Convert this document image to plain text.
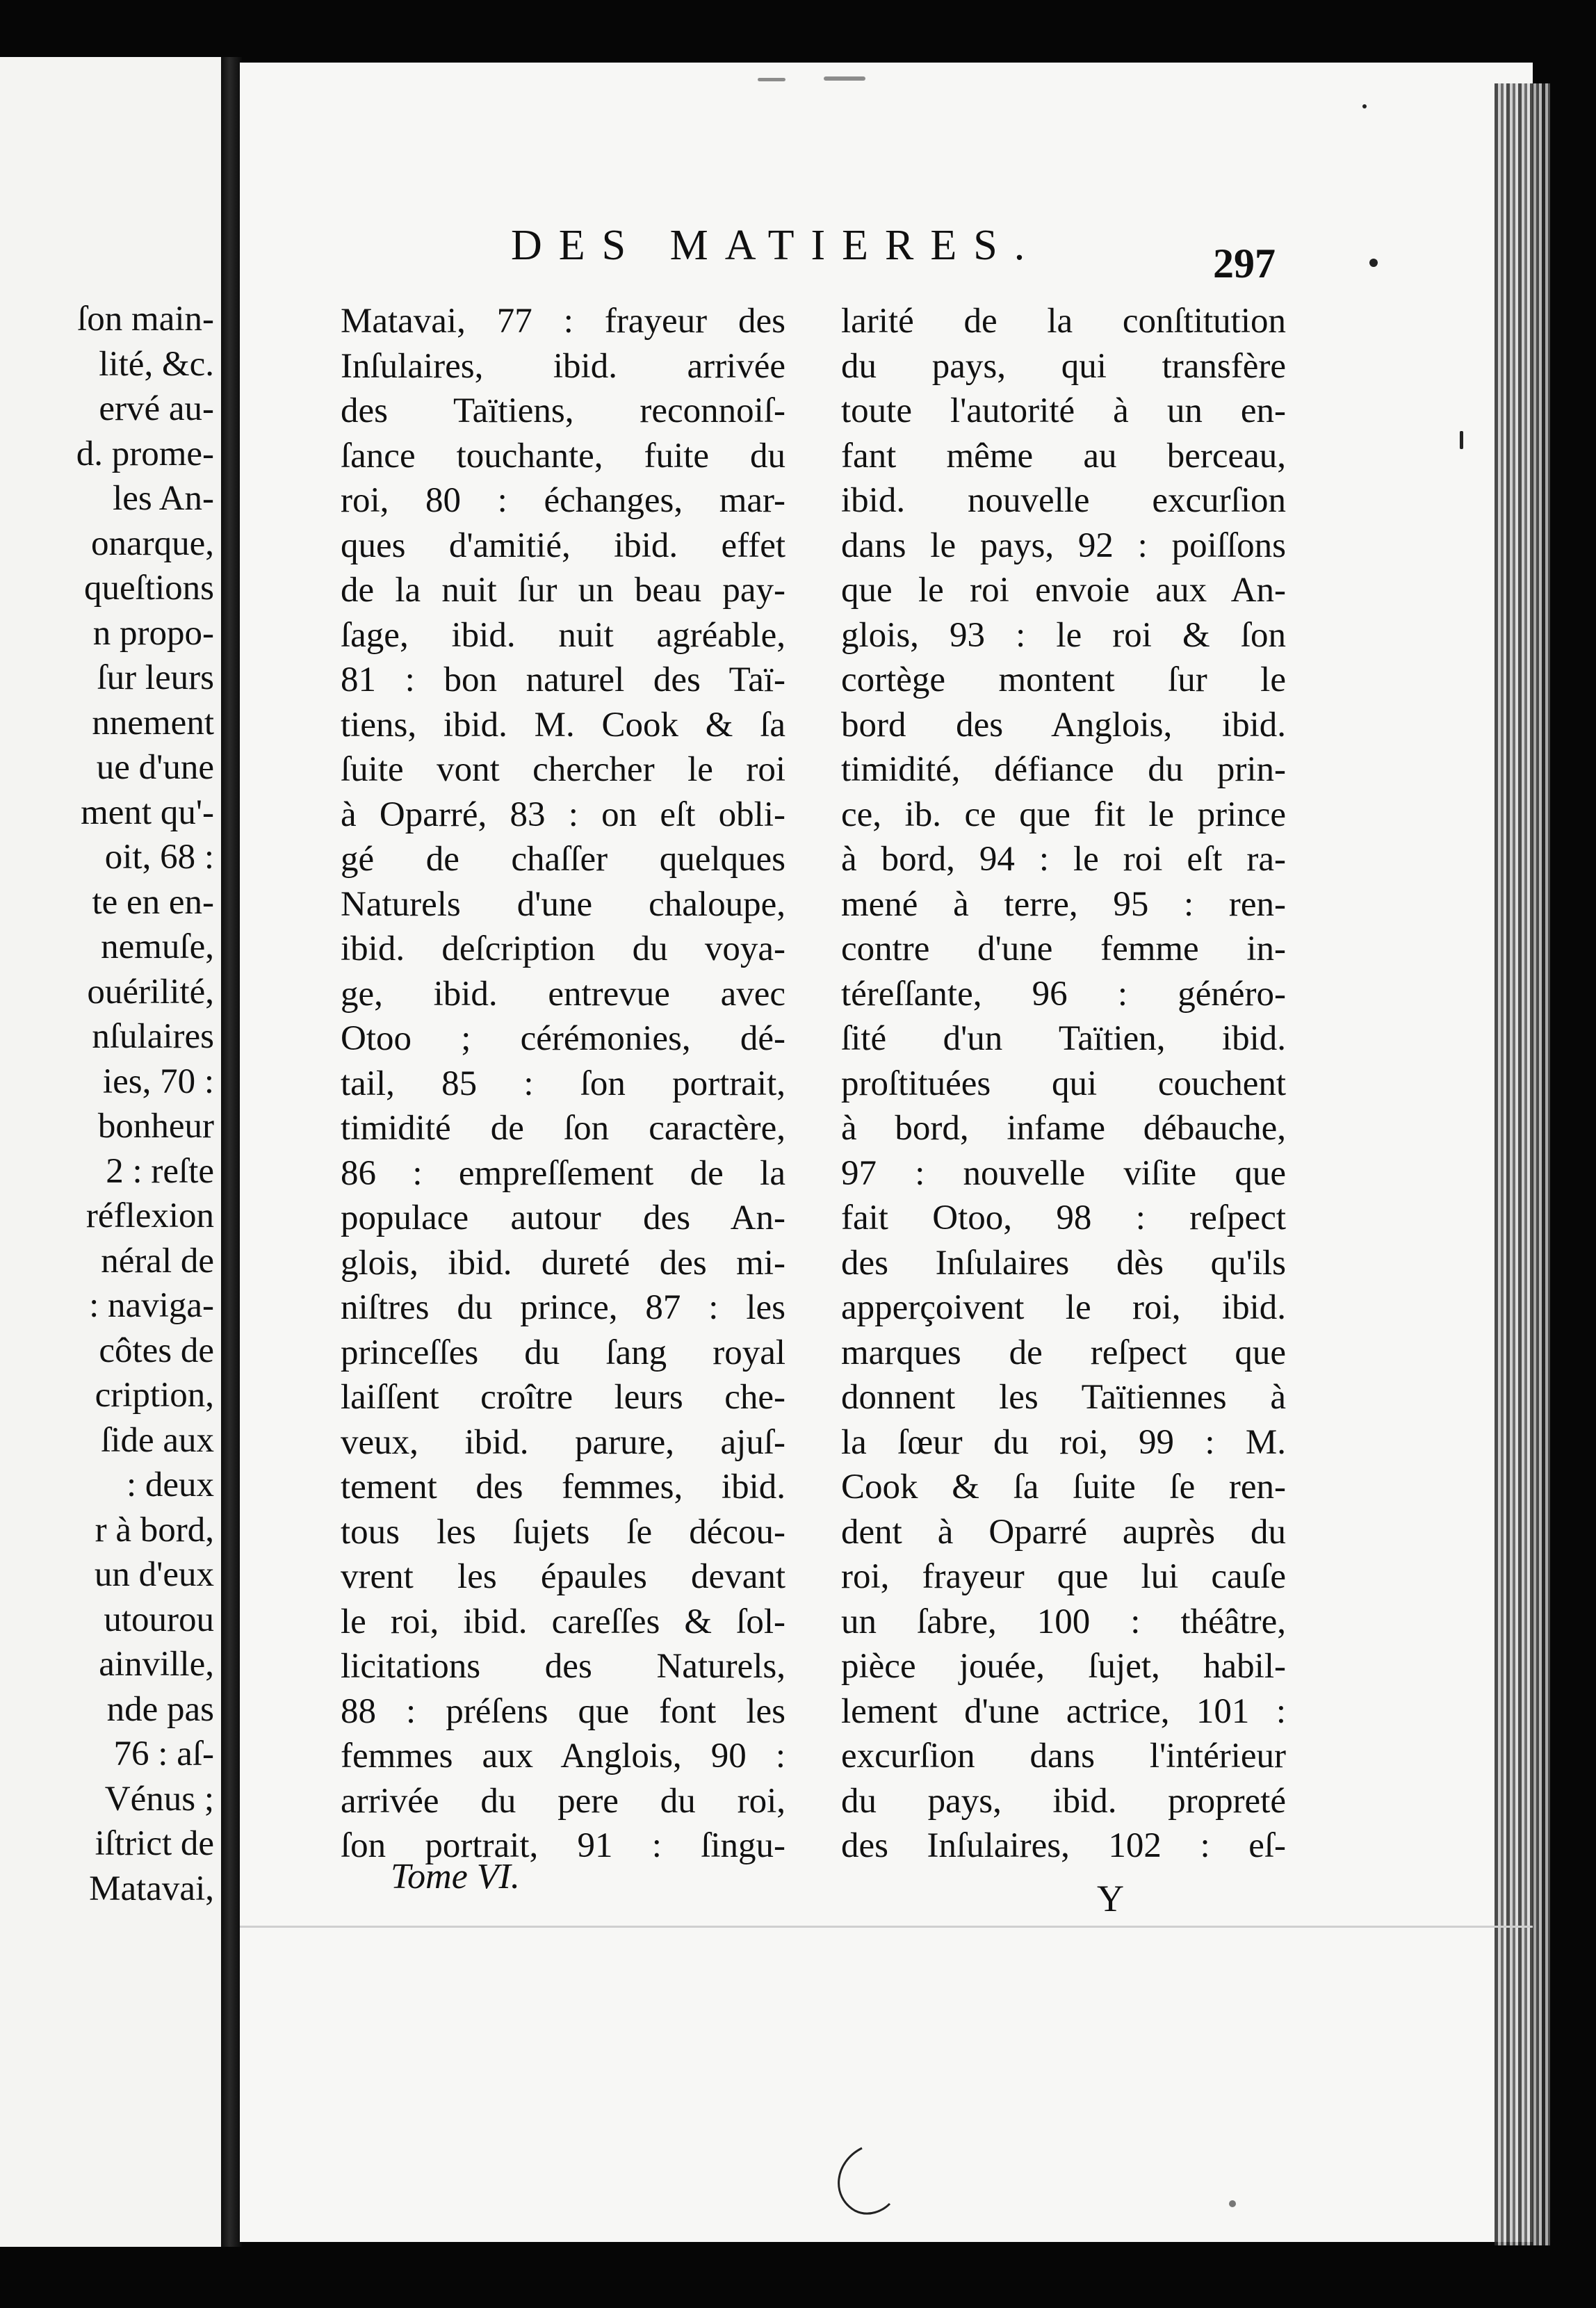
ſon main-
lité, &c.
ervé au-
d. prome-
les An-
onarque,
queſtions
n propo-
ſur leurs
nnement
ue d'une
ment qu'-
oit, 68 :
te en en-
nemuſe,
ouérilité,
nſulaires
ies, 70 :
bonheur
2 : reſte
réflexion
néral de
: naviga-
côtes de
cription,
ſide aux
: deux
r à bord,
un d'eux
utourou
ainville,
nde pas
76 : aſ-
Vénus ;
iſtrict de
Matavai,
DES MATIERES.	297
Matavai, 77 : frayeur des
Inſulaires, ibid. arrivée
des Taïtiens, reconnoiſ-
ſance touchante, fuite du
roi, 80 : échanges, mar-
ques d'amitié, ibid. effet
de la nuit ſur un beau pay-
ſage, ibid. nuit agréable,
81 : bon naturel des Taï-
tiens, ibid. M. Cook & ſa
ſuite vont chercher le roi
à Oparré, 83 : on eſt obli-
gé de chaſſer quelques
Naturels d'une chaloupe,
ibid. deſcription du voya-
ge, ibid. entrevue avec
Otoo ; cérémonies, dé-
tail, 85 : ſon portrait,
timidité de ſon caractère,
86 : empreſſement de la
populace autour des An-
glois, ibid. dureté des mi-
niſtres du prince, 87 : les
princeſſes du ſang royal
laiſſent croître leurs che-
veux, ibid. parure, ajuſ-
tement des femmes, ibid.
tous les ſujets ſe décou-
vrent les épaules devant
le roi, ibid. careſſes & ſol-
licitations des Naturels,
88 : préſens que font les
femmes aux Anglois, 90 :
arrivée du pere du roi,
ſon portrait, 91 : ſingu-
larité de la conſtitution
du pays, qui transfère
toute l'autorité à un en-
fant même au berceau,
ibid. nouvelle excurſion
dans le pays, 92 : poiſſons
que le roi envoie aux An-
glois, 93 : le roi & ſon
cortège montent ſur le
bord des Anglois, ibid.
timidité, défiance du prin-
ce, ib. ce que fit le prince
à bord, 94 : le roi eſt ra-
mené à terre, 95 : ren-
contre d'une femme in-
téreſſante, 96 : généro-
ſité d'un Taïtien, ibid.
proſtituées qui couchent
à bord, infame débauche,
97 : nouvelle viſite que
fait Otoo, 98 : reſpect
des Inſulaires dès qu'ils
apperçoivent le roi, ibid.
marques de reſpect que
donnent les Taïtiennes à
la ſœur du roi, 99 : M.
Cook & ſa ſuite ſe ren-
dent à Oparré auprès du
roi, frayeur que lui cauſe
un ſabre, 100 : théâtre,
pièce jouée, ſujet, habil-
lement d'une actrice, 101 :
excurſion dans l'intérieur
du pays, ibid. propreté
des Inſulaires, 102 : eſ-
Tome VI.
Y
